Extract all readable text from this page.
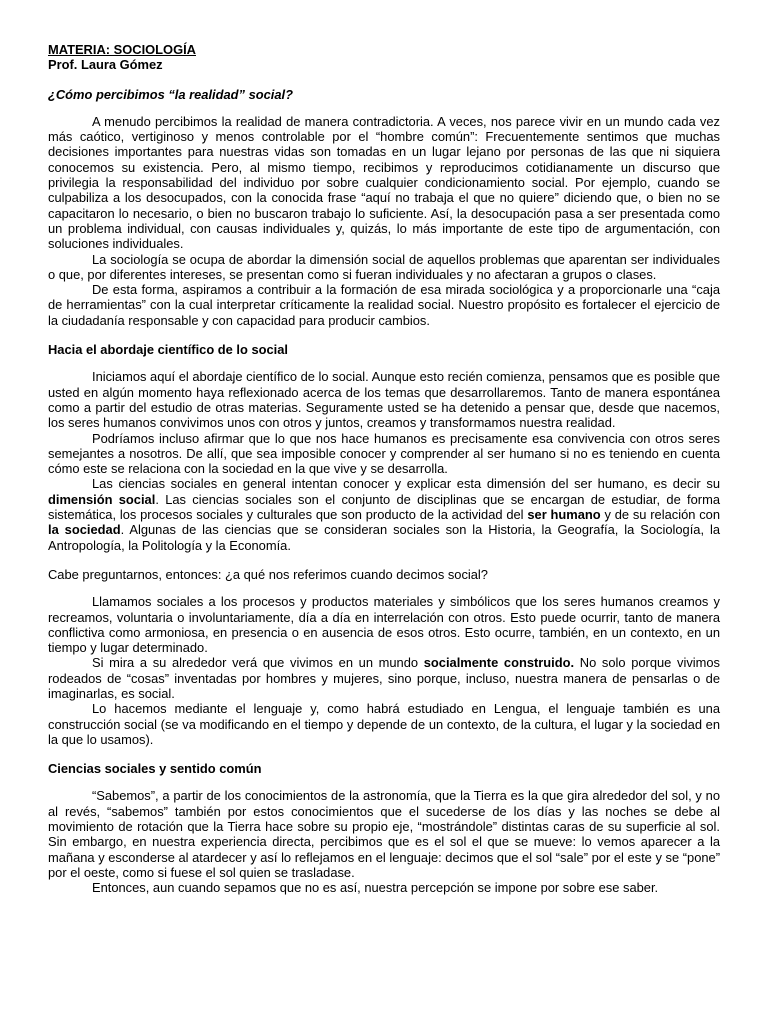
MATERIA: SOCIOLOGÍA
Prof. Laura Gómez
¿Cómo percibimos “la realidad” social?

A menudo percibimos la realidad de manera contradictoria. A veces, nos parece vivir en un mundo cada vez más caótico, vertiginoso y menos controlable por el “hombre común”: Frecuentemente sentimos que muchas decisiones importantes para nuestras vidas son tomadas en un lugar lejano por personas de las que ni siquiera conocemos su existencia. Pero, al mismo tiempo, recibimos y reproducimos cotidianamente un discurso que privilegia la responsabilidad del individuo por sobre cualquier condicionamiento social. Por ejemplo, cuando se culpabiliza a los desocupados, con la conocida frase “aquí no trabaja el que no quiere” diciendo que, o bien no se capacitaron lo necesario, o bien no buscaron trabajo lo suficiente. Así, la desocupación pasa a ser presentada como un problema individual, con causas individuales y, quizás, lo más importante de este tipo de argumentación, con soluciones individuales.

La sociología se ocupa de abordar la dimensión social de aquellos problemas que aparentan ser individuales o que, por diferentes intereses, se presentan como si fueran individuales y no afectaran a grupos o clases.

De esta forma, aspiramos a contribuir a la formación de esa mirada sociológica y a proporcionarle una “caja de herramientas” con la cual interpretar críticamente la realidad social. Nuestro propósito es fortalecer el ejercicio de la ciudadanía responsable y con capacidad para producir cambios.

Hacia el abordaje científico de lo social

Iniciamos aquí el abordaje científico de lo social. Aunque esto recién comienza, pensamos que es posible que usted en algún momento haya reflexionado acerca de los temas que desarrollaremos. Tanto de manera espontánea como a partir del estudio de otras materias. Seguramente usted se ha detenido a pensar que, desde que nacemos, los seres humanos convivimos unos con otros y juntos, creamos y transformamos nuestra realidad.

Podríamos incluso afirmar que lo que nos hace humanos es precisamente esa convivencia con otros seres semejantes a nosotros. De allí, que sea imposible conocer y comprender al ser humano si no es teniendo en cuenta cómo este se relaciona con la sociedad en la que vive y se desarrolla.

Las ciencias sociales en general intentan conocer y explicar esta dimensión del ser humano, es decir su dimensión social. Las ciencias sociales son el conjunto de disciplinas que se encargan de estudiar, de forma sistemática, los procesos sociales y culturales que son producto de la actividad del ser humano y de su relación con la sociedad. Algunas de las ciencias que se consideran sociales son la Historia, la Geografía, la Sociología, la Antropología, la Politología y la Economía.

Cabe preguntarnos, entonces: ¿a qué nos referimos cuando decimos social?

Llamamos sociales a los procesos y productos materiales y simbólicos que los seres humanos creamos y recreamos, voluntaria o involuntariamente, día a día en interrelación con otros. Esto puede ocurrir, tanto de manera conflictiva como armoniosa, en presencia o en ausencia de esos otros. Esto ocurre, también, en un contexto, en un tiempo y lugar determinado.

Si mira a su alrededor verá que vivimos en un mundo socialmente construido. No solo porque vivimos rodeados de “cosas” inventadas por hombres y mujeres, sino porque, incluso, nuestra manera de pensarlas o de imaginarlas, es social.

Lo hacemos mediante el lenguaje y, como habrá estudiado en Lengua, el lenguaje también es una construcción social (se va modificando en el tiempo y depende de un contexto, de la cultura, el lugar y la sociedad en la que lo usamos).

Ciencias sociales y sentido común

“Sabemos”, a partir de los conocimientos de la astronomía, que la Tierra es la que gira alrededor del sol, y no al revés, “sabemos” también por estos conocimientos que el sucederse de los días y las noches se debe al movimiento de rotación que la Tierra hace sobre su propio eje, “mostrándole” distintas caras de su superficie al sol. Sin embargo, en nuestra experiencia directa, percibimos que es el sol el que se mueve: lo vemos aparecer a la mañana y esconderse al atardecer y así lo reflejamos en el lenguaje: decimos que el sol “sale” por el este y se “pone” por el oeste, como si fuese el sol quien se trasladase.

Entonces, aun cuando sepamos que no es así, nuestra percepción se impone por sobre ese saber.
